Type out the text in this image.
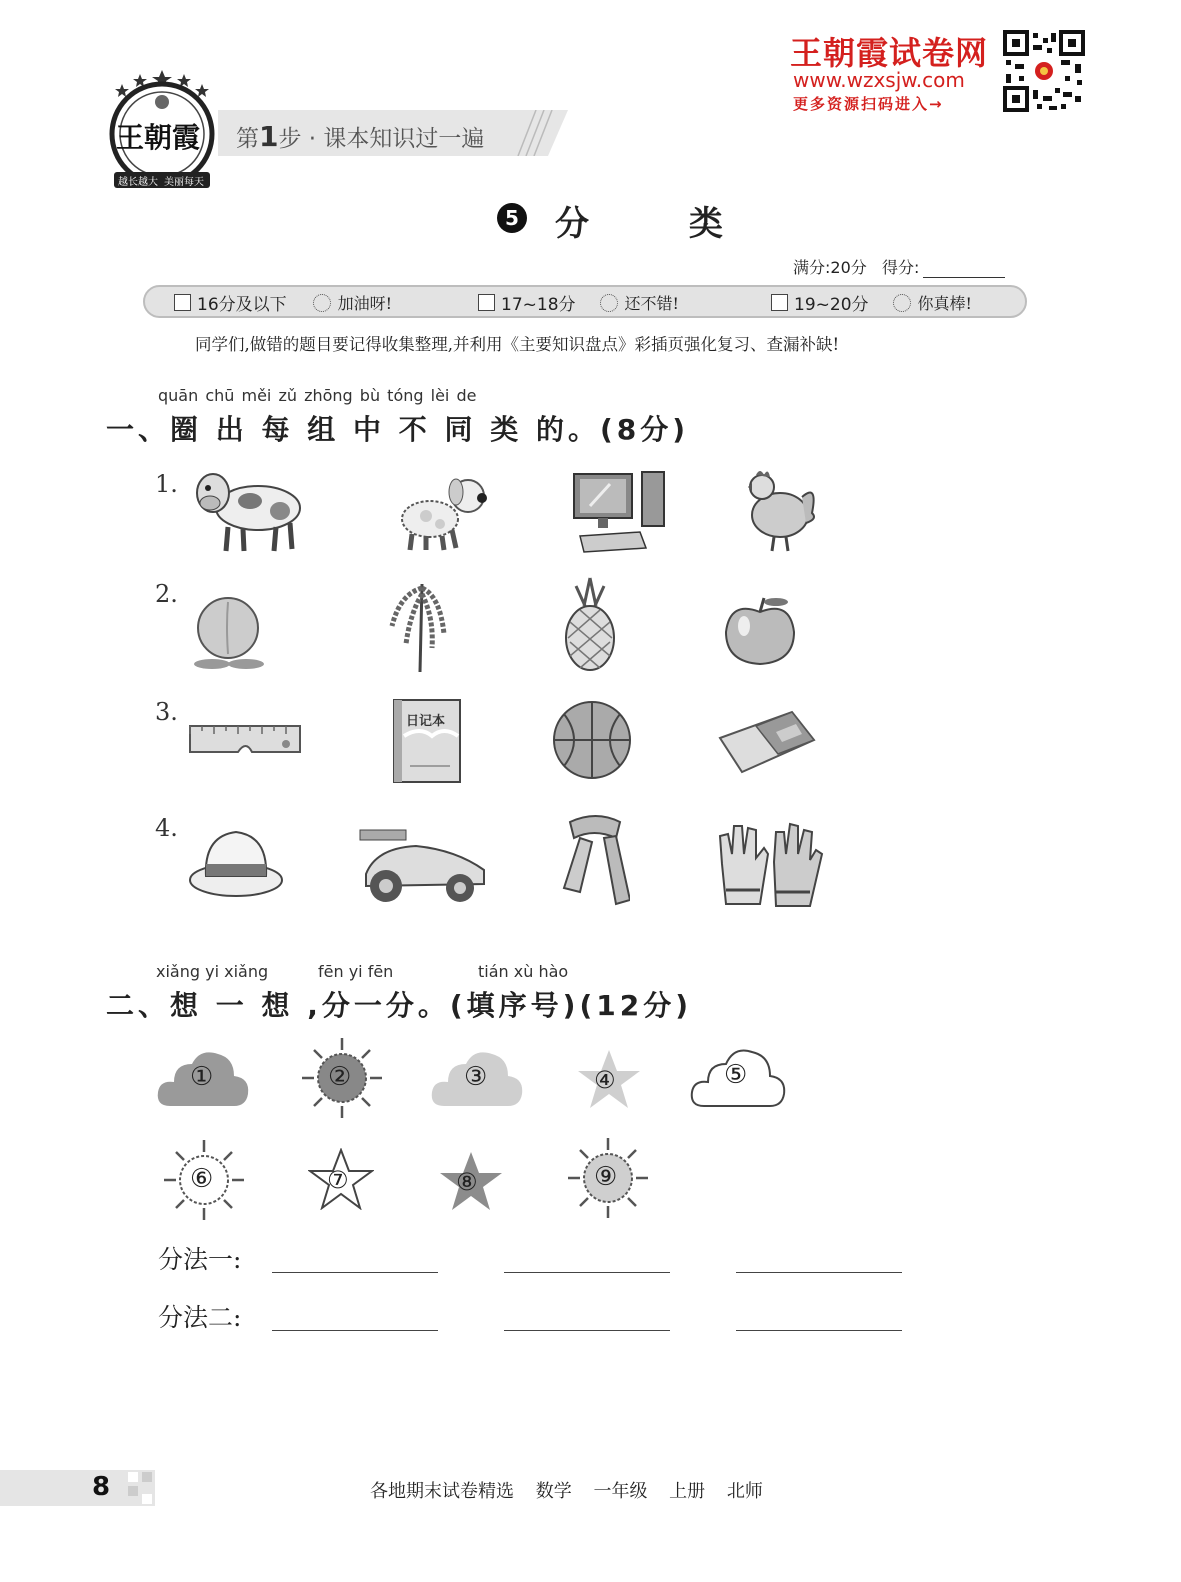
王朝霞试卷网
www.wzxsjw.com
更多资源扫码进入→
王朝霞
越长越大 美丽每天
第1步 · 课本知识过一遍
5 分 类
满分:20分 得分:
16分及以下	加油呀!	17~18分	还不错!	19~20分	你真棒!
同学们,做错的题目要记得收集整理,并利用《主要知识盘点》彩插页强化复习、查漏补缺!
quān chū měi zǔ zhōng bù tóng lèi de
一、圈 出 每 组 中 不 同 类 的。(8分)
1.
2.
3.
4.
日记本
xiǎng yi xiǎng	fēn yi fēn	tián xù hào
二、想 一 想 ,分一分。(填序号)(12分)
①	②	③	④	⑤
⑥	⑦	⑧	⑨
分法一:
分法二:
8	各地期末试卷精选 数学 一年级 上册 北师
